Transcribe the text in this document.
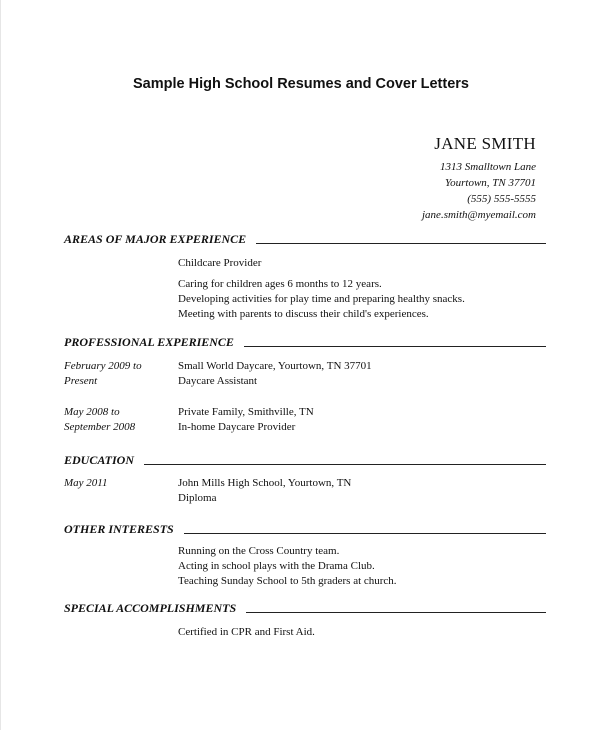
Sample High School Resumes and Cover Letters
JANE SMITH
1313 Smalltown Lane
Yourtown, TN 37701
(555) 555-5555
jane.smith@myemail.com
AREAS OF MAJOR EXPERIENCE
Childcare Provider
Caring for children ages 6 months to 12 years.
Developing activities for play time and preparing healthy snacks.
Meeting with parents to discuss their child's experiences.
PROFESSIONAL EXPERIENCE
February 2009 to
Present
Small World Daycare, Yourtown, TN 37701
Daycare Assistant
May 2008 to
September 2008
Private Family, Smithville, TN
In-home Daycare Provider
EDUCATION
May 2011	John Mills High School, Yourtown, TN
Diploma
OTHER INTERESTS
Running on the Cross Country team.
Acting in school plays with the Drama Club.
Teaching Sunday School to 5th graders at church.
SPECIAL ACCOMPLISHMENTS
Certified in CPR and First Aid.
